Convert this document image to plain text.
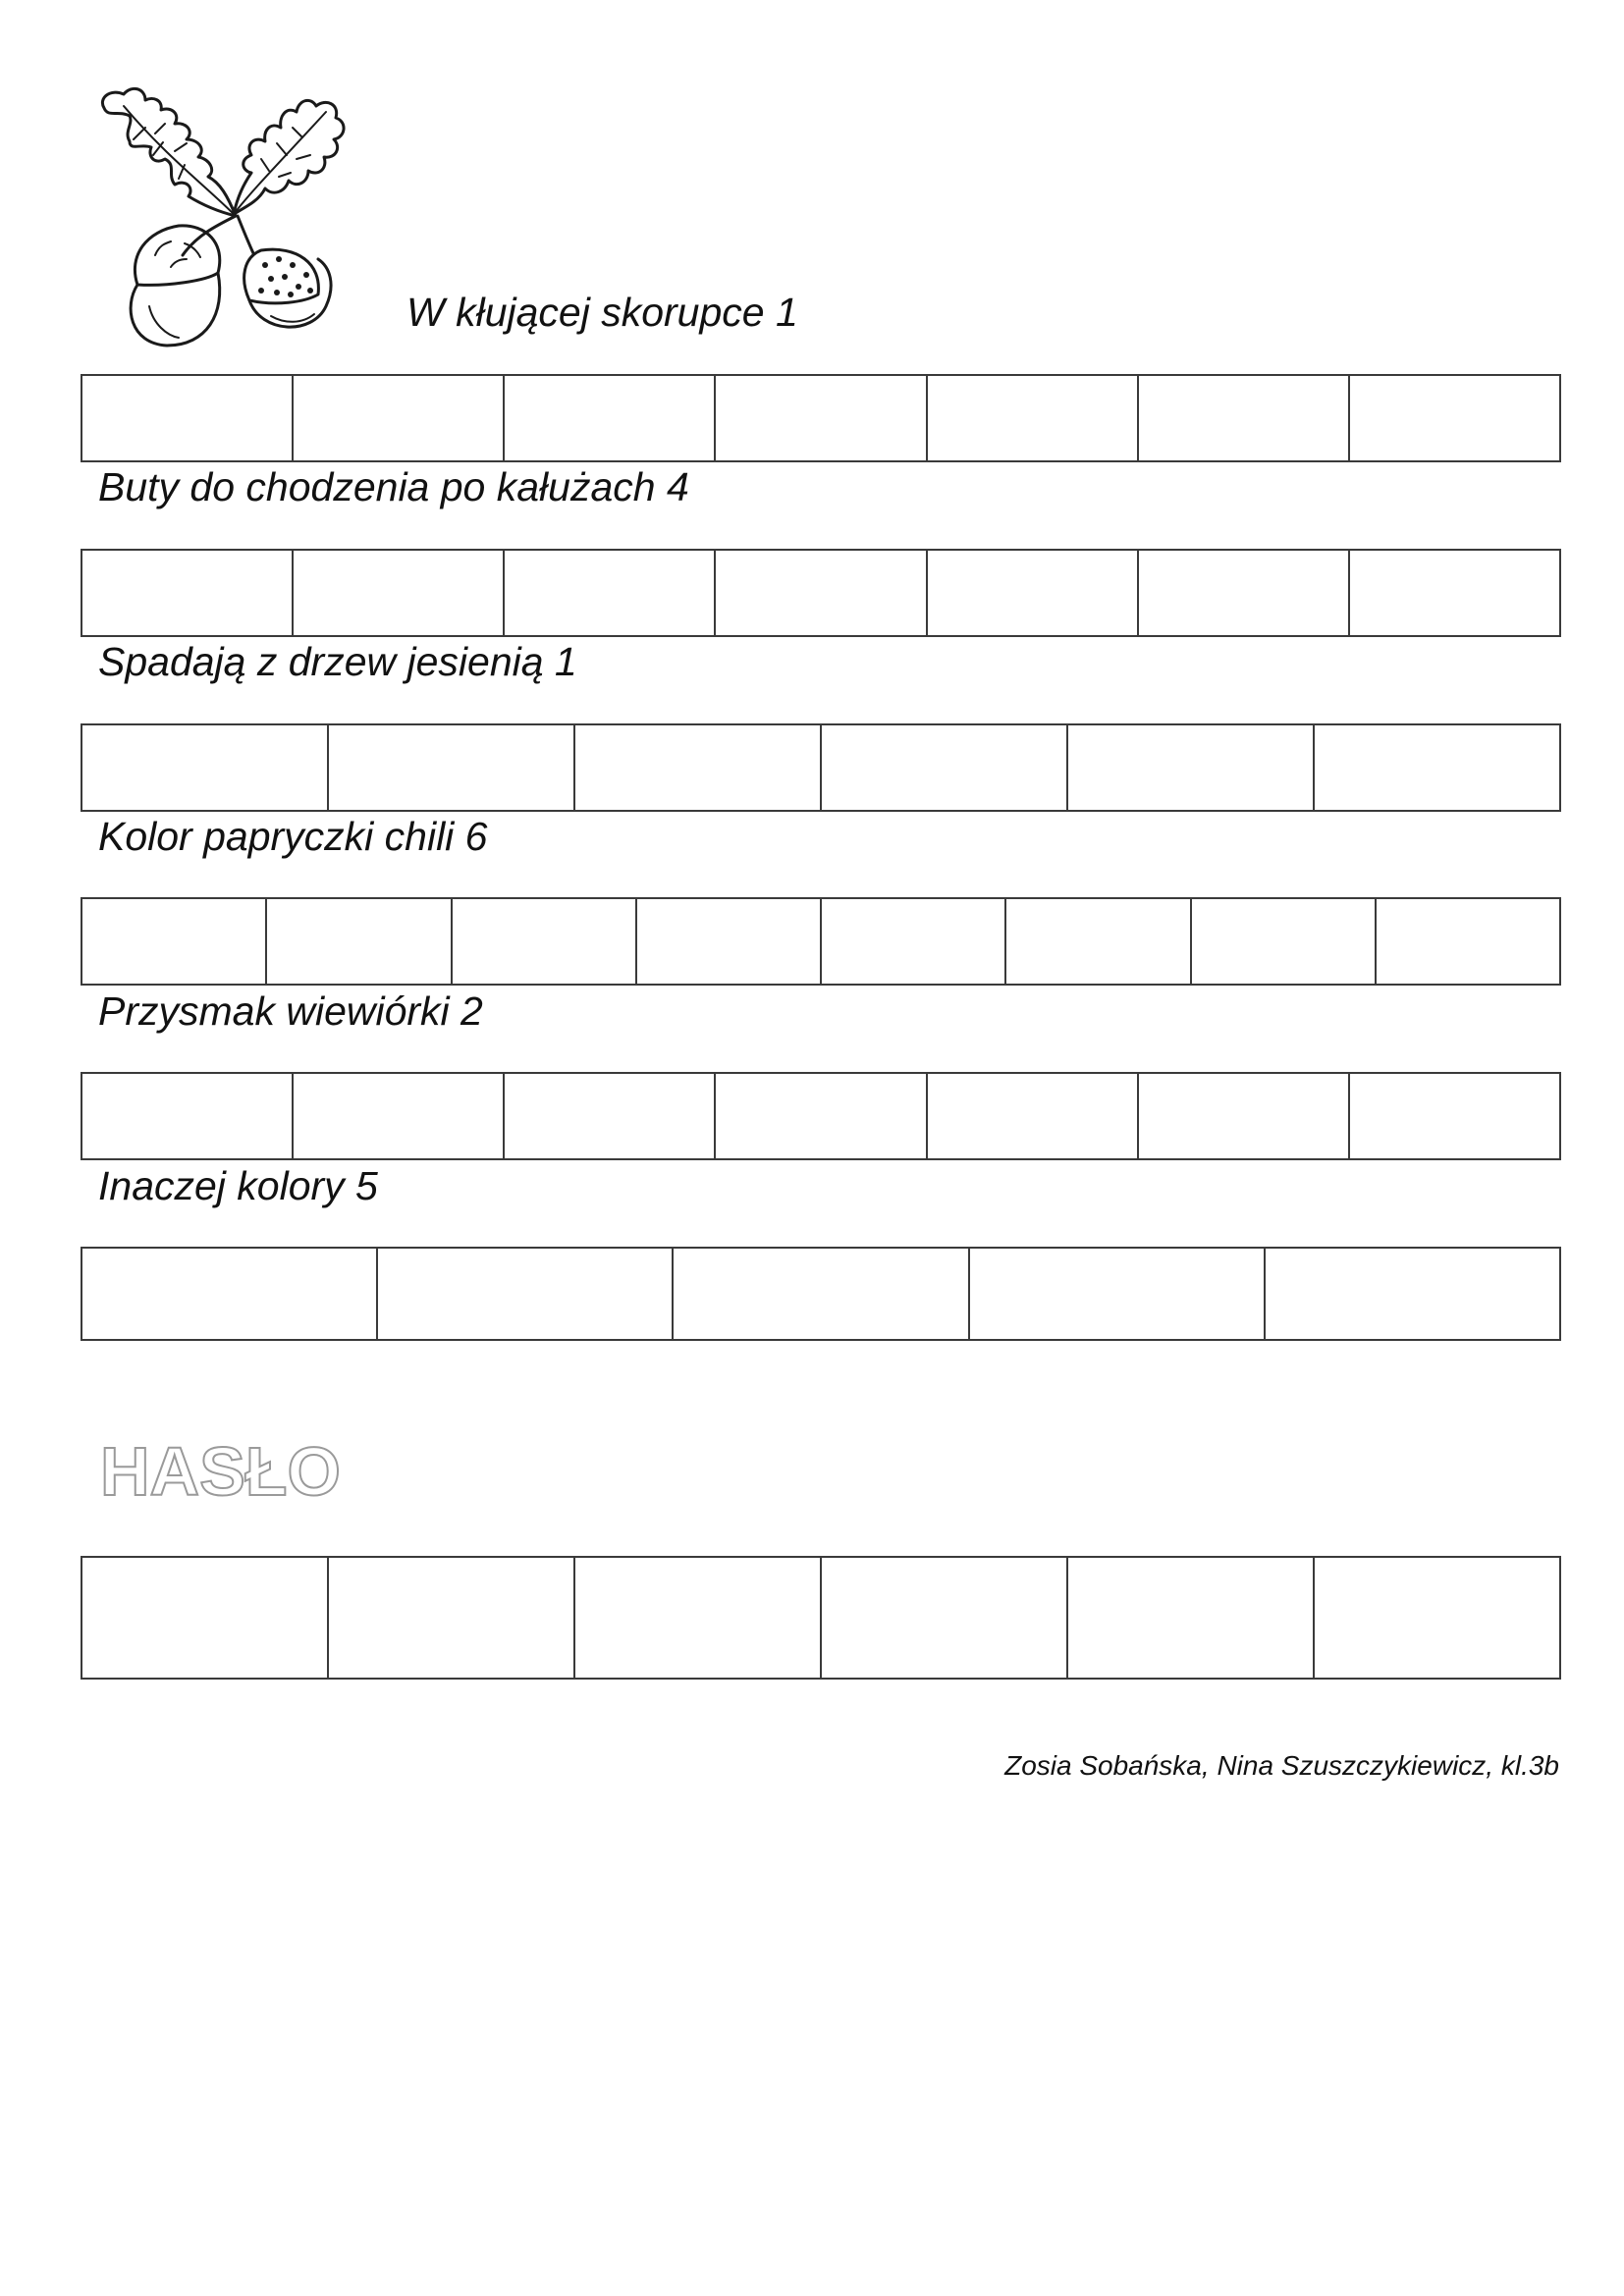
W kłującej skorupce 1
Buty do chodzenia po kałużach 4
Spadają z drzew jesienią 1
Kolor papryczki chili 6
Przysmak wiewiórki 2
Inaczej kolory 5
HASŁO
Zosia Sobańska, Nina Szuszczykiewicz, kl.3b
